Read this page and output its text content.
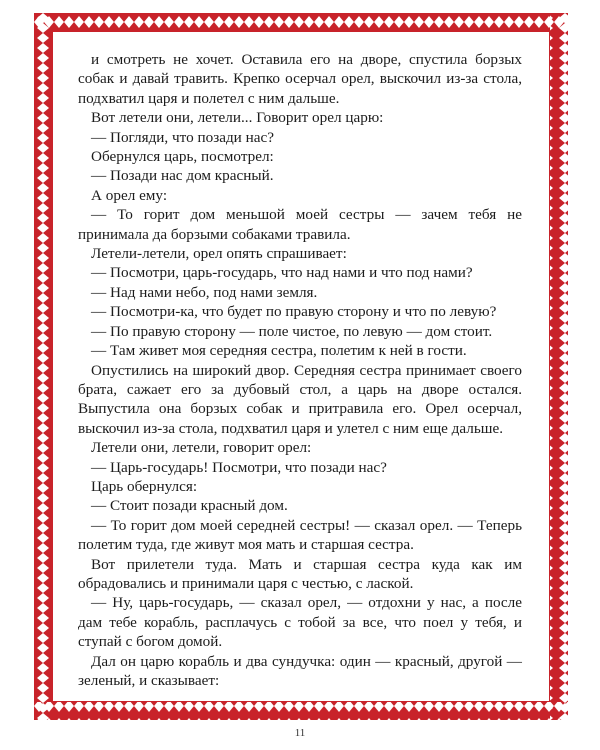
и смотреть не хочет. Оставила его на дворе, спустила борзых собак и давай травить. Крепко осерчал орел, выскочил из-за стола, подхватил царя и полетел с ним дальше.

Вот летели они, летели... Говорит орел царю:

— Погляди, что позади нас?

Обернулся царь, посмотрел:

— Позади нас дом красный.

А орел ему:

— То горит дом меньшой моей сестры — зачем тебя не принимала да борзыми собаками травила.

Летели-летели, орел опять спрашивает:

— Посмотри, царь-государь, что над нами и что под нами?

— Над нами небо, под нами земля.

— Посмотри-ка, что будет по правую сторону и что по левую?

— По правую сторону — поле чистое, по левую — дом стоит.

— Там живет моя середняя сестра, полетим к ней в гости.

Опустились на широкий двор. Середняя сестра принимает своего брата, сажает его за дубовый стол, а царь на дворе остался. Выпустила она борзых собак и притравила его. Орел осерчал, выскочил из-за стола, подхватил царя и улетел с ним еще дальше.

Летели они, летели, говорит орел:

— Царь-государь! Посмотри, что позади нас?

Царь обернулся:

— Стоит позади красный дом.

— То горит дом моей середней сестры! — сказал орел. — Теперь полетим туда, где живут моя мать и старшая сестра.

Вот прилетели туда. Мать и старшая сестра куда как им обрадовались и принимали царя с честью, с лаской.

— Ну, царь-государь, — сказал орел, — отдохни у нас, а после дам тебе корабль, расплачусь с тобой за все, что поел у тебя, и ступай с богом домой.

Дал он царю корабль и два сундучка: один — красный, другой — зеленый, и сказывает:

11
